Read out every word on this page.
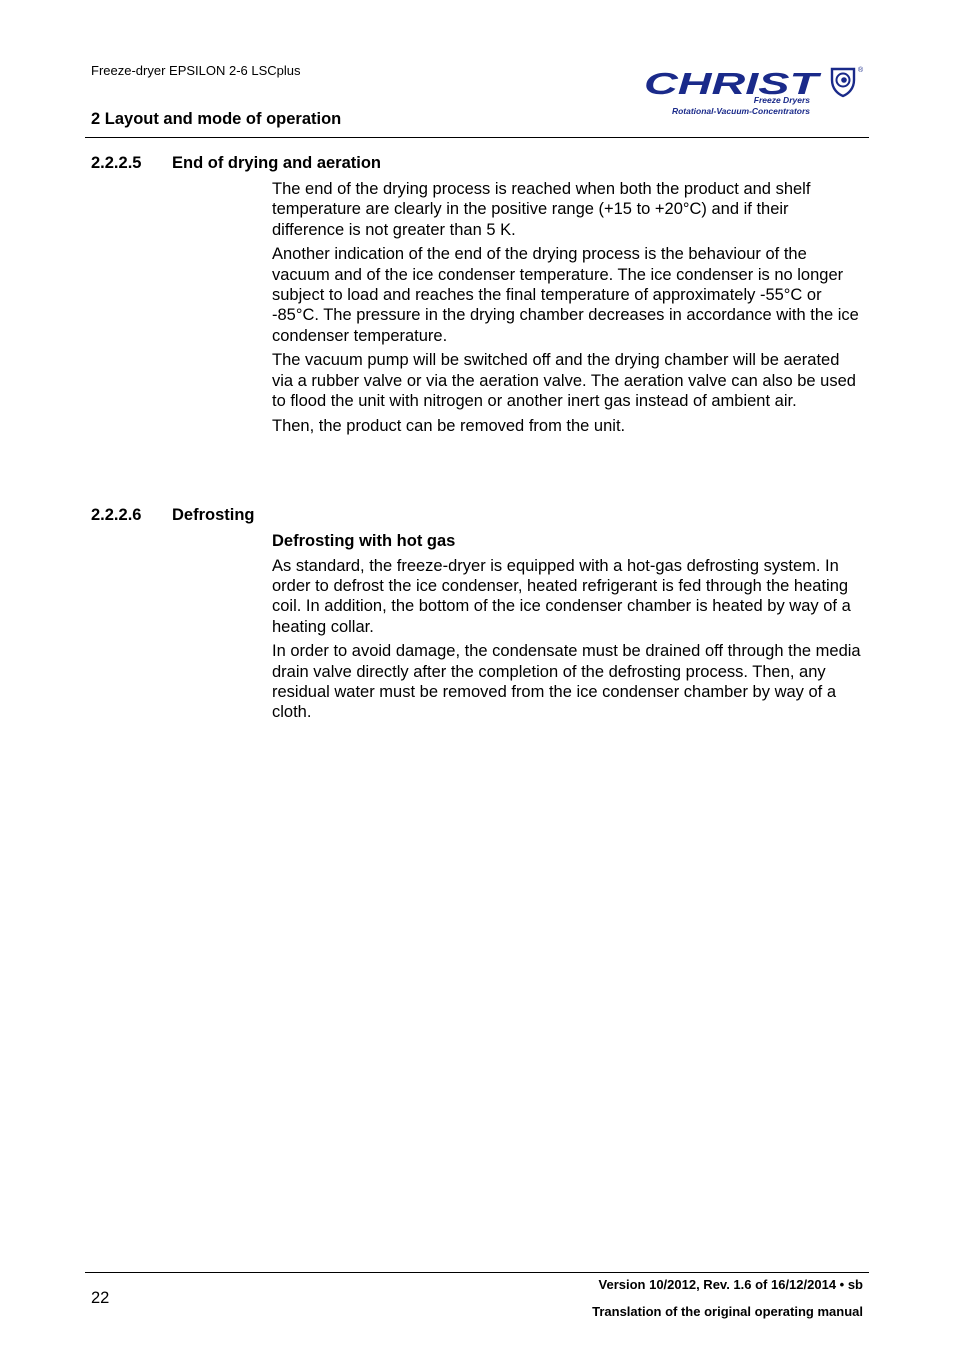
Freeze-dryer EPSILON 2-6 LSCplus
2 Layout and mode of operation
CHRIST	®
Freeze Dryers
Rotational-Vacuum-Concentrators
2.2.2.5 End of drying and aeration

The end of the drying process is reached when both the product and shelf temperature are clearly in the positive range (+15 to +20°C) and if their difference is not greater than 5 K.

Another indication of the end of the drying process is the behaviour of the vacuum and of the ice condenser temperature. The ice condenser is no longer subject to load and reaches the final temperature of approximately -55°C or -85°C. The pressure in the drying chamber decreases in accordance with the ice condenser temperature.

The vacuum pump will be switched off and the drying chamber will be aerated via a rubber valve or via the aeration valve. The aeration valve can also be used to flood the unit with nitrogen or another inert gas instead of ambient air.

Then, the product can be removed from the unit.

2.2.2.6 Defrosting

Defrosting with hot gas

As standard, the freeze-dryer is equipped with a hot-gas defrosting system. In order to defrost the ice condenser, heated refrigerant is fed through the heating coil. In addition, the bottom of the ice condenser chamber is heated by way of a heating collar.

In order to avoid damage, the condensate must be drained off through the media drain valve directly after the completion of the defrosting process. Then, any residual water must be removed from the ice condenser chamber by way of a cloth.

22
Version 10/2012, Rev. 1.6 of 16/12/2014 • sb
Translation of the original operating manual
